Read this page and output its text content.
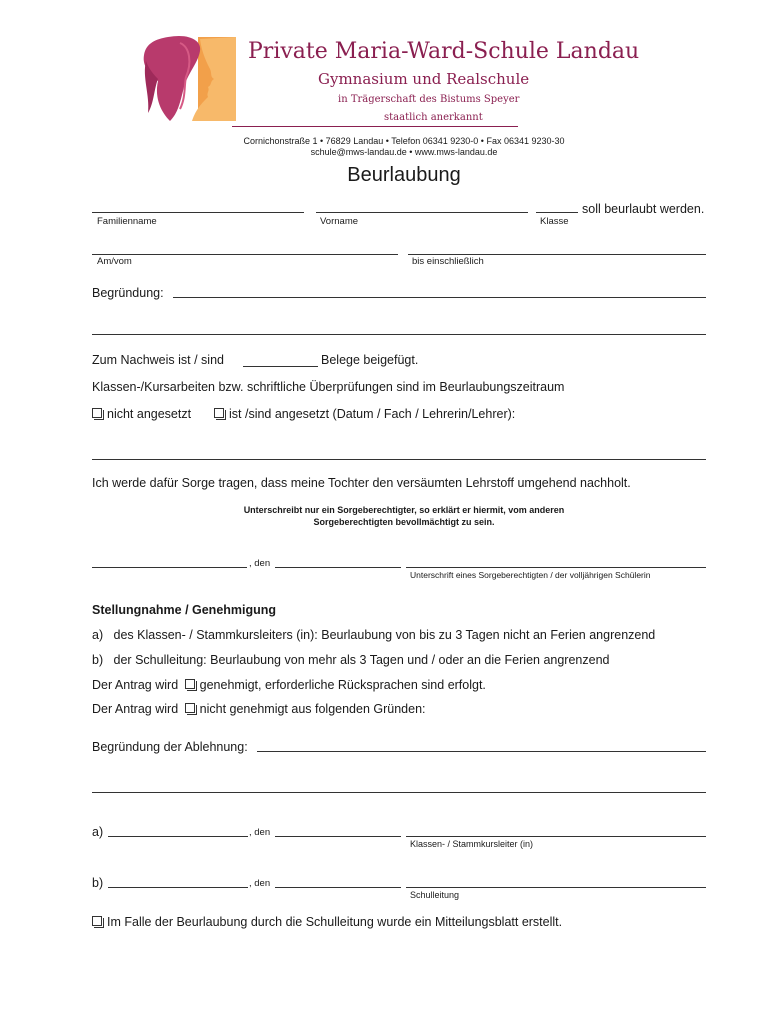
Private Maria-Ward-Schule Landau
Gymnasium und Realschule
in Trägerschaft des Bistums Speyer
staatlich anerkannt
Cornichonstraße 1 • 76829 Landau • Telefon 06341 9230-0 • Fax 06341 9230-30
schule@mws-landau.de • www.mws-landau.de
Beurlaubung
soll beurlaubt werden.
Familienname	Vorname	Klasse
Am/vom	bis einschließlich
Begründung:
Zum Nachweis ist / sind	Belege beigefügt.
Klassen-/Kursarbeiten bzw. schriftliche Überprüfungen sind im Beurlaubungszeitraum
nicht angesetzt	ist /sind angesetzt (Datum / Fach / Lehrerin/Lehrer):
Ich werde dafür Sorge tragen, dass meine Tochter den versäumten Lehrstoff umgehend nachholt.
Unterschreibt nur ein Sorgeberechtigter, so erklärt er hiermit, vom anderen
Sorgeberechtigten bevollmächtigt zu sein.
, den
Unterschrift eines Sorgeberechtigten / der volljährigen Schülerin
Stellungnahme / Genehmigung
a)   des Klassen- / Stammkursleiters (in): Beurlaubung von bis zu 3 Tagen nicht an Ferien angrenzend
b)   der Schulleitung: Beurlaubung von mehr als 3 Tagen und / oder an die Ferien angrenzend
Der Antrag wird genehmigt, erforderliche Rücksprachen sind erfolgt.
Der Antrag wird nicht genehmigt aus folgenden Gründen:
Begründung der Ablehnung:
a)	, den
Klassen- / Stammkursleiter (in)
b)	, den
Schulleitung
Im Falle der Beurlaubung durch die Schulleitung wurde ein Mitteilungsblatt erstellt.
